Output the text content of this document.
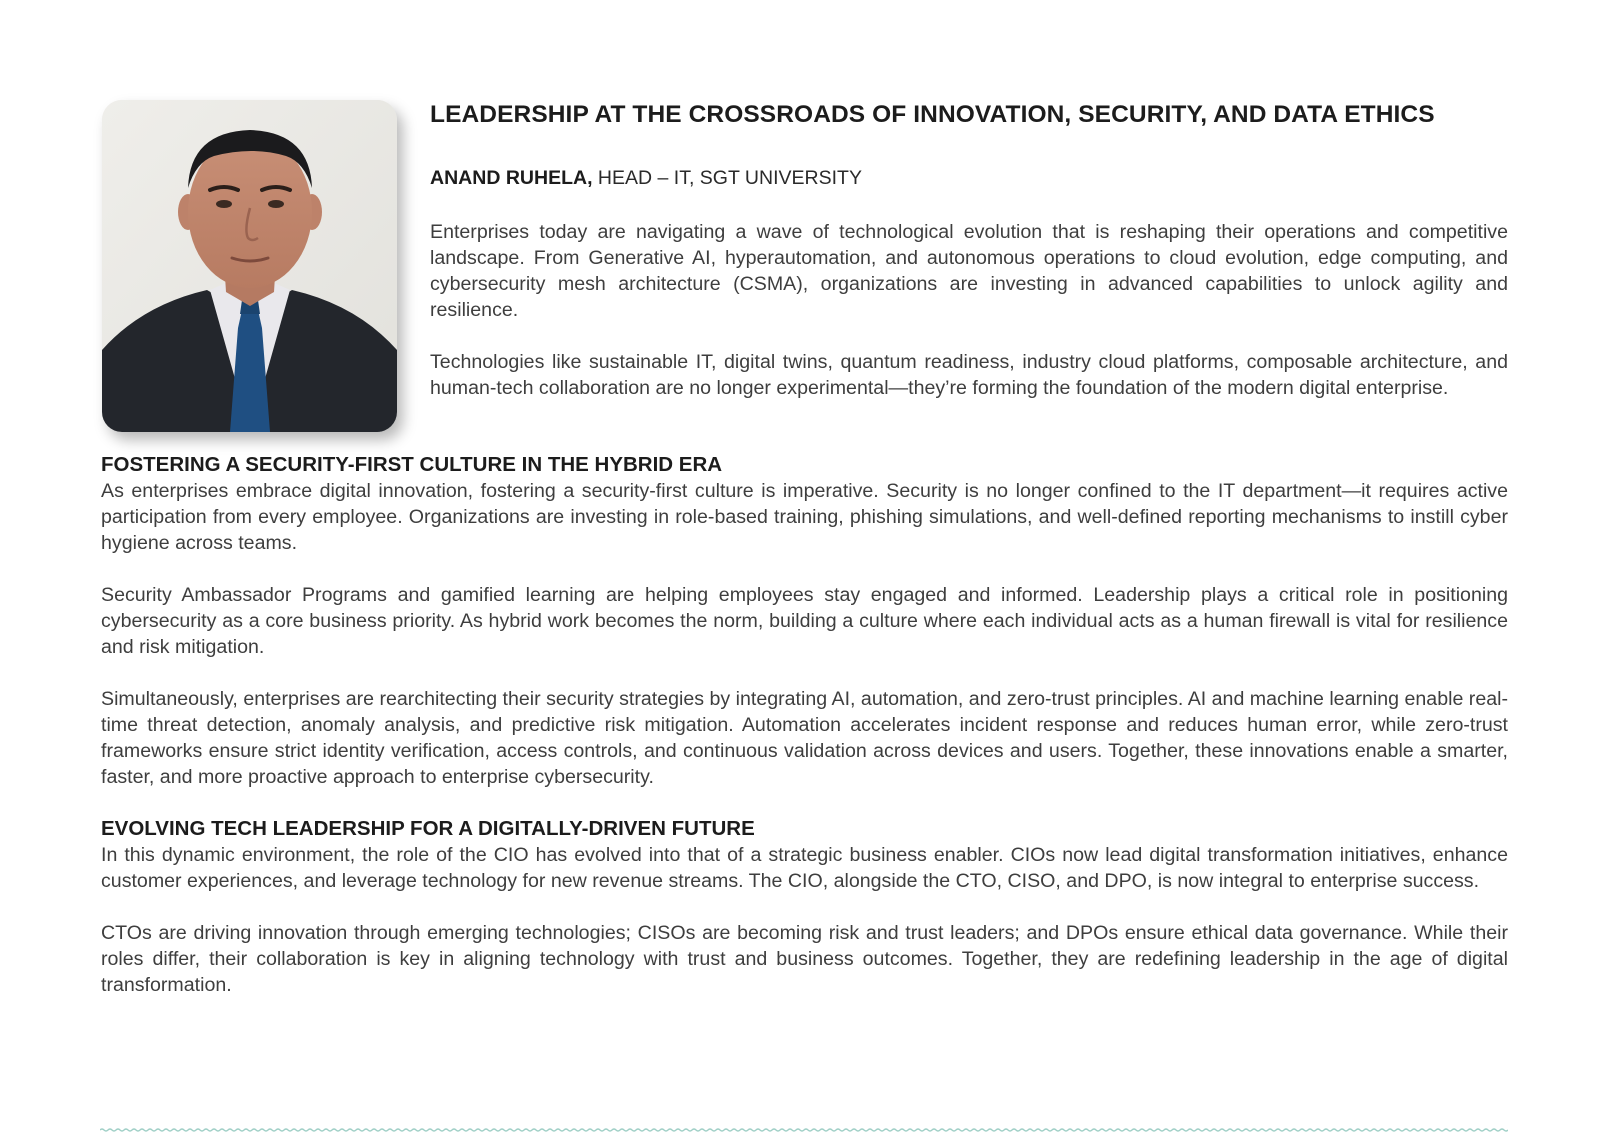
LEADERSHIP AT THE CROSSROADS OF INNOVATION, SECURITY, AND DATA ETHICS
ANAND RUHELA, HEAD – IT, SGT UNIVERSITY

Enterprises today are navigating a wave of technological evolution that is reshaping their operations and competitive landscape. From Generative AI, hyperautomation, and autonomous operations to cloud evolution, edge computing, and cybersecurity mesh architecture (CSMA), organizations are investing in advanced capabilities to unlock agility and resilience.

Technologies like sustainable IT, digital twins, quantum readiness, industry cloud platforms, composable architecture, and human-tech collaboration are no longer experimental—they’re forming the foundation of the modern digital enterprise.

FOSTERING A SECURITY-FIRST CULTURE IN THE HYBRID ERA

As enterprises embrace digital innovation, fostering a security-first culture is imperative. Security is no longer confined to the IT department—it requires active participation from every employee. Organizations are investing in role-based training, phishing simulations, and well-defined reporting mechanisms to instill cyber hygiene across teams.

Security Ambassador Programs and gamified learning are helping employees stay engaged and informed. Leadership plays a critical role in positioning cybersecurity as a core business priority. As hybrid work becomes the norm, building a culture where each individual acts as a human firewall is vital for resilience and risk mitigation.

Simultaneously, enterprises are rearchitecting their security strategies by integrating AI, automation, and zero-trust principles. AI and machine learning enable real-time threat detection, anomaly analysis, and predictive risk mitigation. Automation accelerates incident response and reduces human error, while zero-trust frameworks ensure strict identity verification, access controls, and continuous validation across devices and users. Together, these innovations enable a smarter, faster, and more proactive approach to enterprise cybersecurity.

EVOLVING TECH LEADERSHIP FOR A DIGITALLY-DRIVEN FUTURE

In this dynamic environment, the role of the CIO has evolved into that of a strategic business enabler. CIOs now lead digital transformation initiatives, enhance customer experiences, and leverage technology for new revenue streams. The CIO, alongside the CTO, CISO, and DPO, is now integral to enterprise success.

CTOs are driving innovation through emerging technologies; CISOs are becoming risk and trust leaders; and DPOs ensure ethical data governance. While their roles differ, their collaboration is key in aligning technology with trust and business outcomes. Together, they are redefining leadership in the age of digital transformation.
